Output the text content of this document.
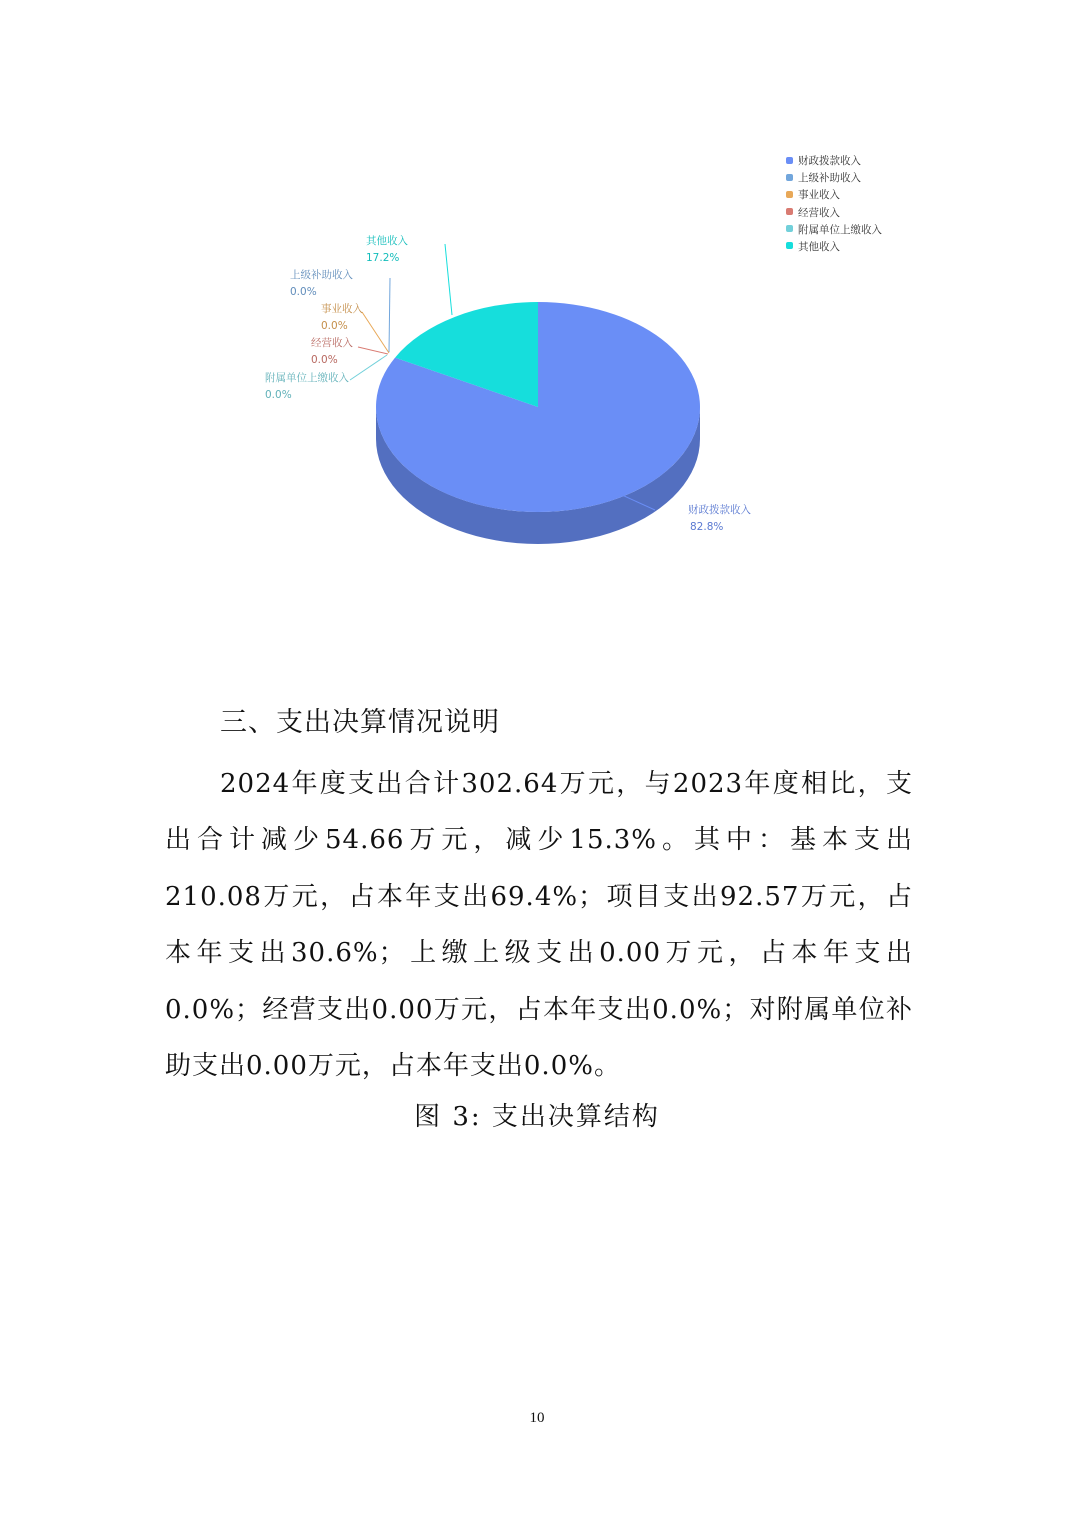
财政拨款收入
82.8%
上级补助收入
0.0%
事业收入
0.0%
经营收入
0.0%
附属单位上缴收入
0.0%
其他收入
17.2%
财政拨款收入
上级补助收入
事业收入
经营收入
附属单位上缴收入
其他收入
三、支出决算情况说明

2024年度支出合计302.64万元，与2023年度相比，支出合计减少54.66万元，减少15.3%。其中：基本支出210.08万元，占本年支出69.4%；项目支出92.57万元，占本年支出30.6%；上缴上级支出0.00万元，占本年支出0.0%；经营支出0.00万元，占本年支出0.0%；对附属单位补助支出0.00万元，占本年支出0.0%。

图 3: 支出决算结构
10
